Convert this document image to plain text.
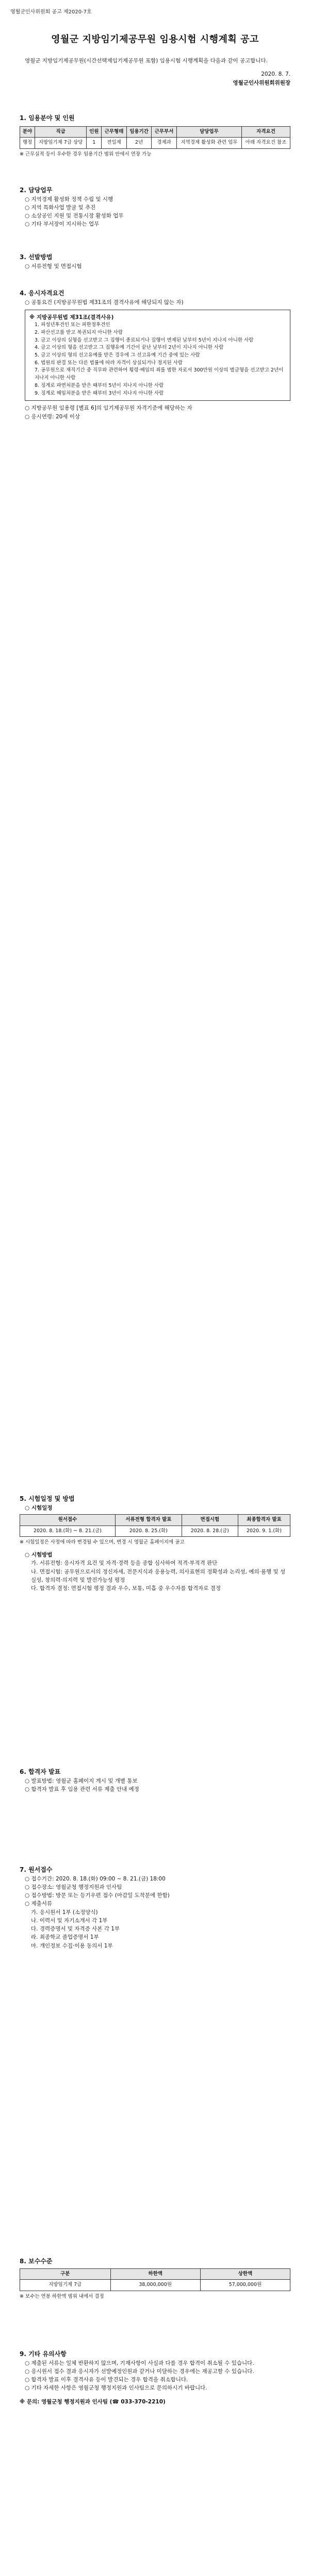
영월군인사위원회 공고 제2020-7호
영월군 지방임기제공무원 임용시험 시행계획 공고

영월군 지방임기제공무원(시간선택제임기제공무원 포함) 임용시험 시행계획을 다음과 같이 공고합니다.

2020. 8. 7.

영월군인사위원회위원장

1. 임용분야 및 인원

분야	직급	인원	근무형태	임용기간	근무부서	담당업무	자격요건
행정	지방임기제 7급 상당	1	전일제	2년	경제과	지역경제 활성화 관련 업무	아래 자격요건 참조

※ 근무실적 등이 우수한 경우 임용기간 범위 안에서 연장 가능

2. 담당업무

○ 지역경제 활성화 정책 수립 및 시행

○ 지역 특화사업 발굴 및 추진

○ 소상공인 지원 및 전통시장 활성화 업무

○ 기타 부서장이 지시하는 업무

3. 선발방법

○ 서류전형 및 면접시험

4. 응시자격요건

○ 공통요건 (지방공무원법 제31조의 결격사유에 해당되지 않는 자)

※ 지방공무원법 제31조(결격사유)

1. 피성년후견인 또는 피한정후견인

2. 파산선고를 받고 복권되지 아니한 사람

3. 금고 이상의 실형을 선고받고 그 집행이 종료되거나 집행이 면제된 날부터 5년이 지나지 아니한 사람

4. 금고 이상의 형을 선고받고 그 집행유예 기간이 끝난 날부터 2년이 지나지 아니한 사람

5. 금고 이상의 형의 선고유예를 받은 경우에 그 선고유예 기간 중에 있는 사람

6. 법원의 판결 또는 다른 법률에 따라 자격이 상실되거나 정지된 사람

7. 공무원으로 재직기간 중 직무와 관련하여 횡령·배임의 죄를 범한 자로서 300만원 이상의 벌금형을 선고받고 2년이 지나지 아니한 사람

8. 징계로 파면처분을 받은 때부터 5년이 지나지 아니한 사람

9. 징계로 해임처분을 받은 때부터 3년이 지나지 아니한 사람

○ 지방공무원 임용령 [별표 6]의 임기제공무원 자격기준에 해당하는 자

○ 응시연령: 20세 이상

5. 시험일정 및 방법

○ 시험일정

원서접수	서류전형 합격자 발표	면접시험	최종합격자 발표
2020. 8. 18.(화) ~ 8. 21.(금)	2020. 8. 25.(화)	2020. 8. 28.(금)	2020. 9. 1.(화)

※ 시험일정은 사정에 따라 변경될 수 있으며, 변경 시 영월군 홈페이지에 공고

○ 시험방법

가. 서류전형: 응시자격 요건 및 자격·경력 등을 종합 심사하여 적격·부적격 판단

나. 면접시험: 공무원으로서의 정신자세, 전문지식과 응용능력, 의사표현의 정확성과 논리성, 예의·품행 및 성실성, 창의력·의지력 및 발전가능성 평정

다. 합격자 결정: 면접시험 평정 결과 우수, 보통, 미흡 중 우수자를 합격자로 결정

6. 합격자 발표

○ 발표방법: 영월군 홈페이지 게시 및 개별 통보

○ 합격자 발표 후 임용 관련 서류 제출 안내 예정

7. 원서접수

○ 접수기간: 2020. 8. 18.(화) 09:00 ~ 8. 21.(금) 18:00

○ 접수장소: 영월군청 행정지원과 인사팀

○ 접수방법: 방문 또는 등기우편 접수 (마감일 도착분에 한함)

○ 제출서류

가. 응시원서 1부 (소정양식)

나. 이력서 및 자기소개서 각 1부

다. 경력증명서 및 자격증 사본 각 1부

라. 최종학교 졸업증명서 1부

마. 개인정보 수집·이용 동의서 1부

8. 보수수준

구분	하한액	상한액
지방임기제 7급	38,000,000원	57,000,000원

※ 보수는 연봉 하한액 범위 내에서 결정

9. 기타 유의사항

○ 제출된 서류는 일체 반환하지 않으며, 기재사항이 사실과 다를 경우 합격이 취소될 수 있습니다.

○ 응시원서 접수 결과 응시자가 선발예정인원과 같거나 미달하는 경우에는 재공고할 수 있습니다.

○ 합격자 발표 이후 결격사유 등이 발견되는 경우 합격을 취소합니다.

○ 기타 자세한 사항은 영월군청 행정지원과 인사팀으로 문의하시기 바랍니다.

※ 문의: 영월군청 행정지원과 인사팀 (☎ 033-370-2210)
